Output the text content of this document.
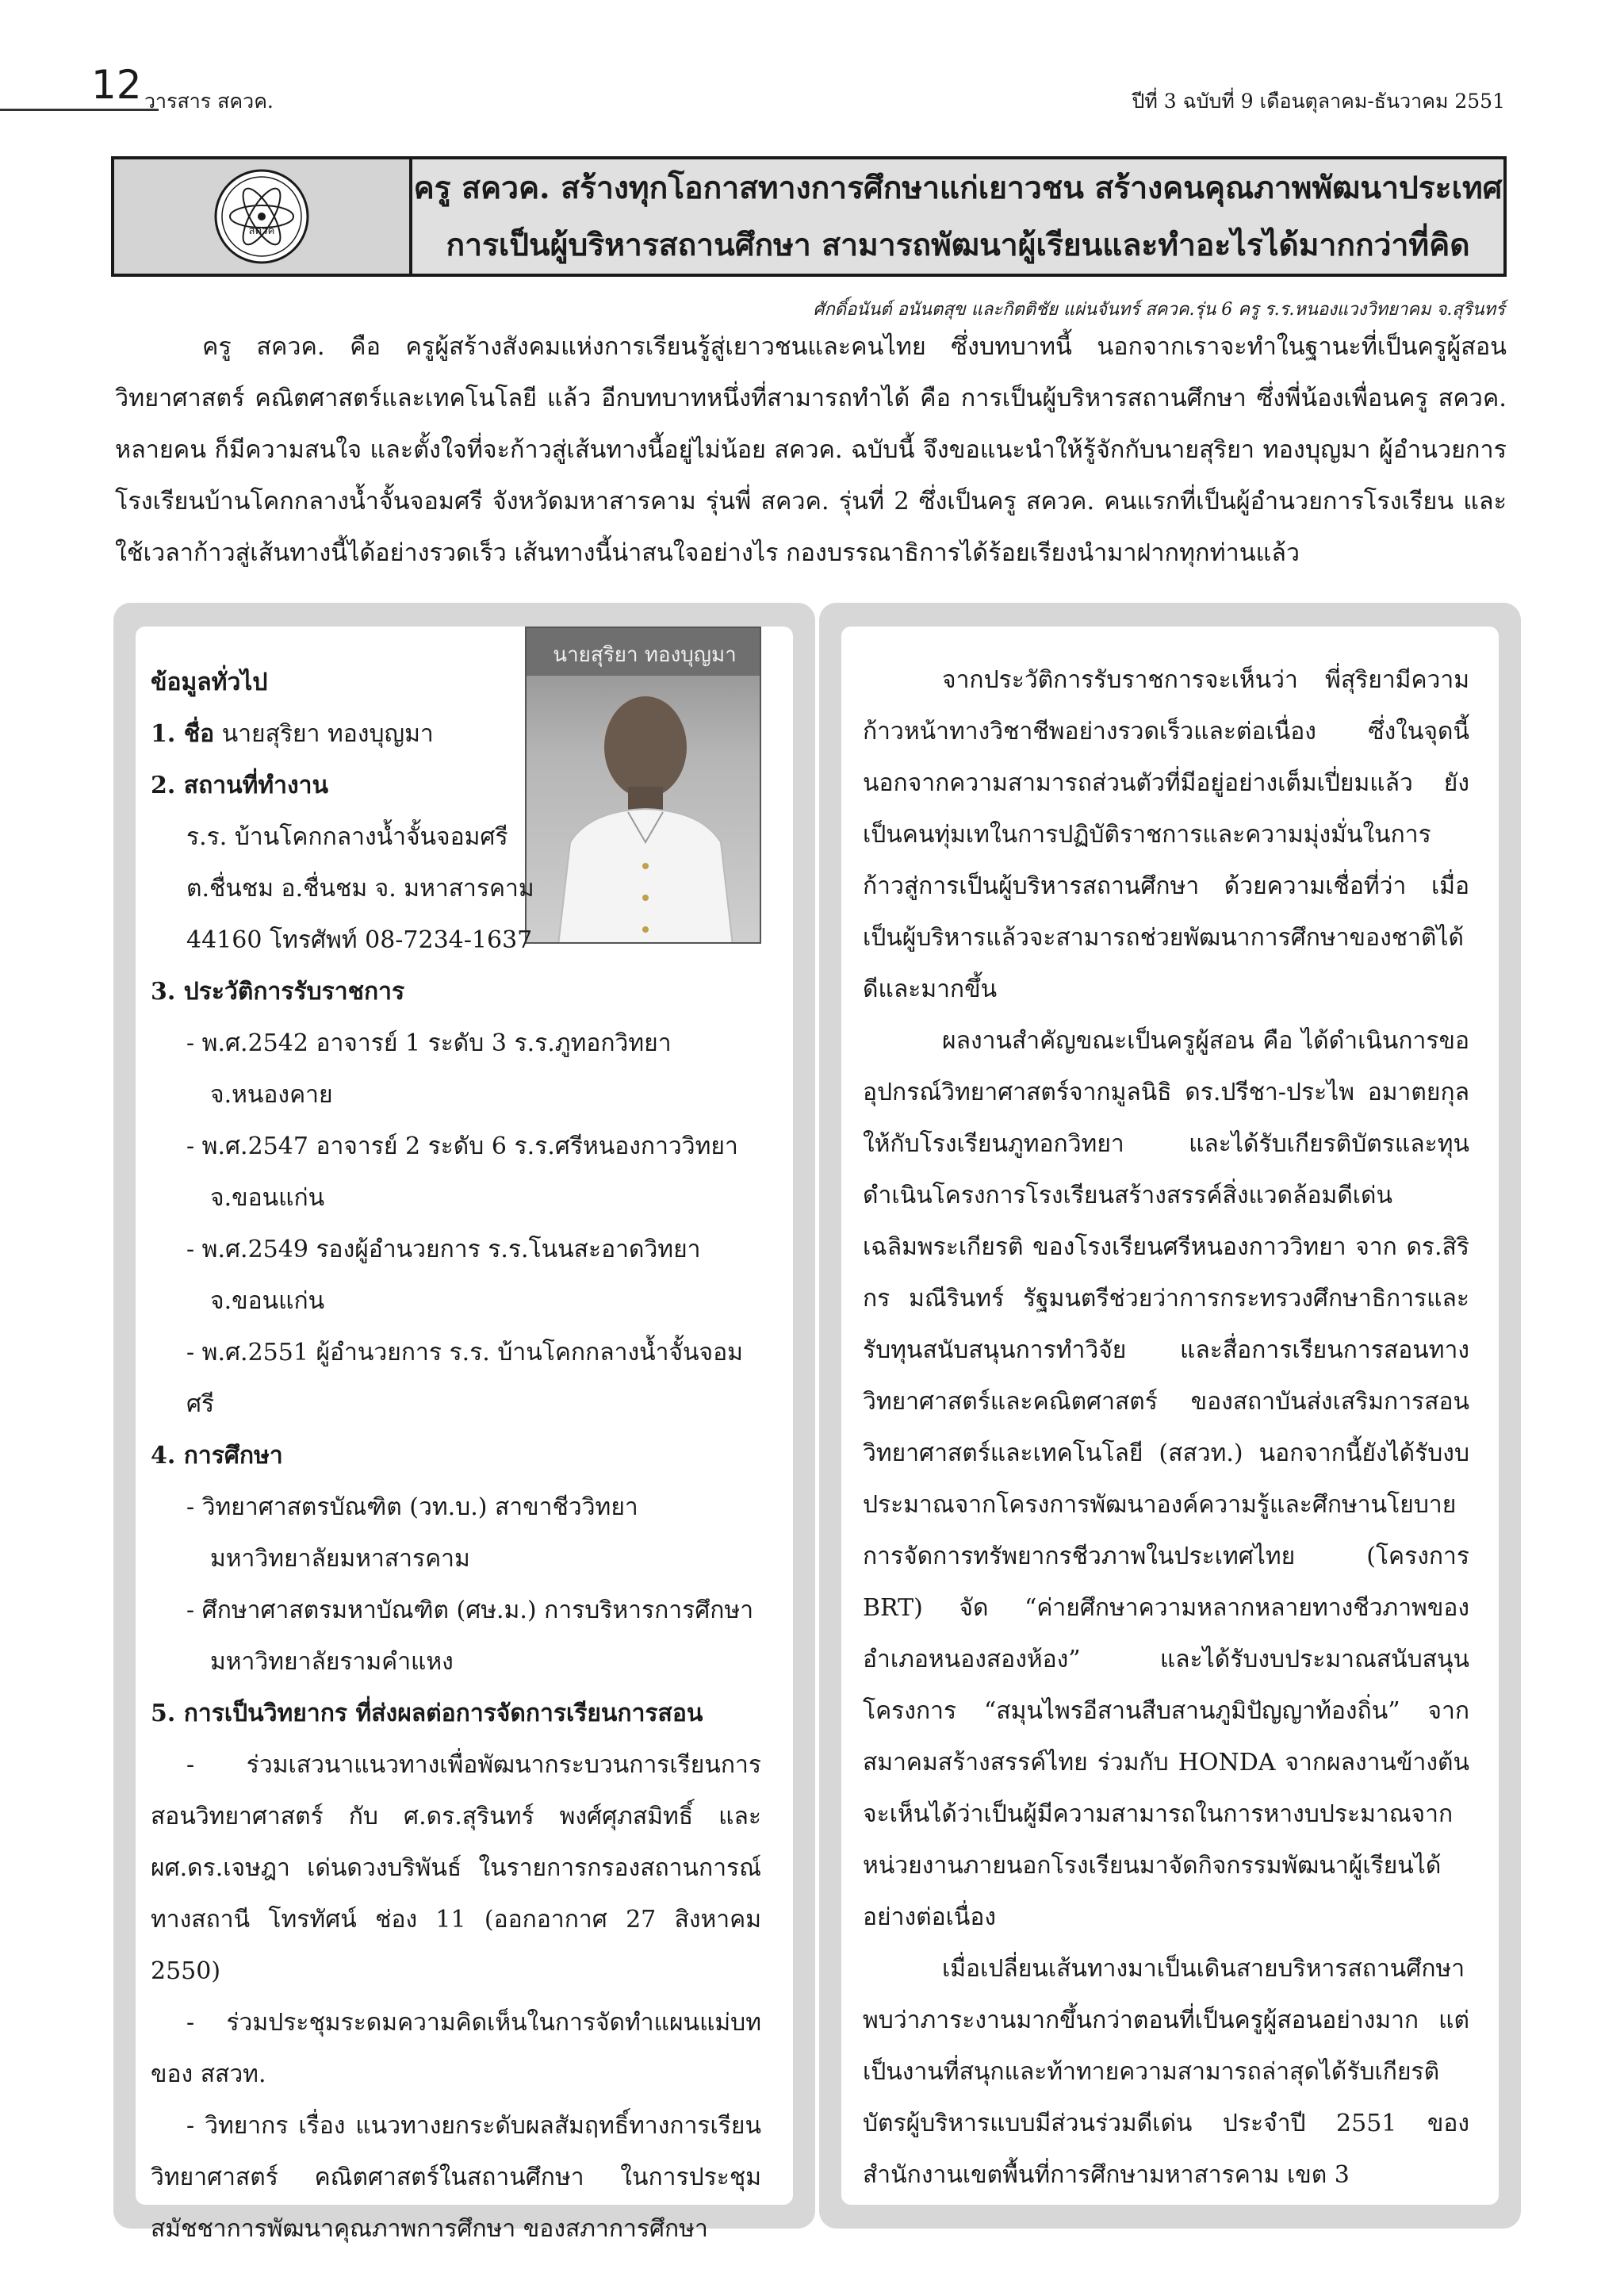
12 วารสาร สควค.	ปีที่ 3 ฉบับที่ 9 เดือนตุลาคม-ธันวาคม 2551
สควค
ครู สควค. สร้างทุกโอกาสทางการศึกษาแก่เยาวชน สร้างคนคุณภาพพัฒนาประเทศ
การเป็นผู้บริหารสถานศึกษา สามารถพัฒนาผู้เรียนและทำอะไรได้มากกว่าที่คิด
ศักดิ์อนันต์ อนันตสุข และกิตติชัย แผ่นจันทร์ สควค.รุ่น 6 ครู ร.ร.หนองแวงวิทยาคม จ.สุรินทร์

ครู สควค. คือ ครูผู้สร้างสังคมแห่งการเรียนรู้สู่เยาวชนและคนไทย ซึ่งบทบาทนี้ นอกจากเราจะทำในฐานะที่เป็นครูผู้สอนวิทยาศาสตร์ คณิตศาสตร์และเทคโนโลยี แล้ว อีกบทบาทหนึ่งที่สามารถทำได้ คือ การเป็นผู้บริหารสถานศึกษา ซึ่งพี่น้องเพื่อนครู สควค. หลายคน ก็มีความสนใจ และตั้งใจที่จะก้าวสู่เส้นทางนี้อยู่ไม่น้อย สควค. ฉบับนี้ จึงขอแนะนำให้รู้จักกับนายสุริยา ทองบุญมา ผู้อำนวยการโรงเรียนบ้านโคกกลางน้ำจั้นจอมศรี จังหวัดมหาสารคาม รุ่นพี่ สควค. รุ่นที่ 2 ซึ่งเป็นครู สควค. คนแรกที่เป็นผู้อำนวยการโรงเรียน และใช้เวลาก้าวสู่เส้นทางนี้ได้อย่างรวดเร็ว เส้นทางนี้น่าสนใจอย่างไร กองบรรณาธิการได้ร้อยเรียงนำมาฝากทุกท่านแล้ว

นายสุริยา ทองบุญมา
ข้อมูลทั่วไป
1. ชื่อ นายสุริยา ทองบุญมา
2. สถานที่ทำงาน
ร.ร. บ้านโคกกลางน้ำจั้นจอมศรี
ต.ชื่นชม อ.ชื่นชม จ. มหาสารคาม
44160 โทรศัพท์ 08-7234-1637
3. ประวัติการรับราชการ
- พ.ศ.2542 อาจารย์ 1 ระดับ 3 ร.ร.ภูทอกวิทยา
จ.หนองคาย
- พ.ศ.2547 อาจารย์ 2 ระดับ 6 ร.ร.ศรีหนองกาววิทยา
จ.ขอนแก่น
- พ.ศ.2549 รองผู้อำนวยการ ร.ร.โนนสะอาดวิทยา
จ.ขอนแก่น
- พ.ศ.2551 ผู้อำนวยการ ร.ร. บ้านโคกกลางน้ำจั้นจอมศรี
4. การศึกษา
- วิทยาศาสตรบัณฑิต (วท.บ.) สาขาชีววิทยา
มหาวิทยาลัยมหาสารคาม
- ศึกษาศาสตรมหาบัณฑิต (ศษ.ม.) การบริหารการศึกษา
มหาวิทยาลัยรามคำแหง
5. การเป็นวิทยากร ที่ส่งผลต่อการจัดการเรียนการสอน
- ร่วมเสวนาแนวทางเพื่อพัฒนากระบวนการเรียนการสอนวิทยาศาสตร์ กับ ศ.ดร.สุรินทร์ พงศ์ศุภสมิทธิ์ และ ผศ.ดร.เจษฎา เด่นดวงบริพันธ์ ในรายการกรองสถานการณ์ ทางสถานี โทรทัศน์ ช่อง 11 (ออกอากาศ 27 สิงหาคม 2550)
- ร่วมประชุมระดมความคิดเห็นในการจัดทำแผนแม่บทของ สสวท.
- วิทยากร เรื่อง แนวทางยกระดับผลสัมฤทธิ์ทางการเรียนวิทยาศาสตร์ คณิตศาสตร์ในสถานศึกษา ในการประชุมสมัชชาการพัฒนาคุณภาพการศึกษา ของสภาการศึกษา

จากประวัติการรับราชการจะเห็นว่า พี่สุริยามีความก้าวหน้าทางวิชาชีพอย่างรวดเร็วและต่อเนื่อง ซึ่งในจุดนี้ นอกจากความสามารถส่วนตัวที่มีอยู่อย่างเต็มเปี่ยมแล้ว ยังเป็นคนทุ่มเทในการปฏิบัติราชการและความมุ่งมั่นในการก้าวสู่การเป็นผู้บริหารสถานศึกษา ด้วยความเชื่อที่ว่า เมื่อเป็นผู้บริหารแล้วจะสามารถช่วยพัฒนาการศึกษาของชาติได้ดีและมากขึ้น

ผลงานสำคัญขณะเป็นครูผู้สอน คือ ได้ดำเนินการขออุปกรณ์วิทยาศาสตร์จากมูลนิธิ ดร.ปรีชา-ประไพ อมาตยกุล ให้กับโรงเรียนภูทอกวิทยา และได้รับเกียรติบัตรและทุนดำเนินโครงการโรงเรียนสร้างสรรค์สิ่งแวดล้อมดีเด่นเฉลิมพระเกียรติ ของโรงเรียนศรีหนองกาววิทยา จาก ดร.สิริกร มณีรินทร์ รัฐมนตรีช่วยว่าการกระทรวงศึกษาธิการและรับทุนสนับสนุนการทำวิจัย และสื่อการเรียนการสอนทางวิทยาศาสตร์และคณิตศาสตร์ ของสถาบันส่งเสริมการสอนวิทยาศาสตร์และเทคโนโลยี (สสวท.) นอกจากนี้ยังได้รับงบประมาณจากโครงการพัฒนาองค์ความรู้และศึกษานโยบายการจัดการทรัพยากรชีวภาพในประเทศไทย (โครงการ BRT) จัด “ค่ายศึกษาความหลากหลายทางชีวภาพของอำเภอหนองสองห้อง” และได้รับงบประมาณสนับสนุนโครงการ “สมุนไพรอีสานสืบสานภูมิปัญญาท้องถิ่น” จาก สมาคมสร้างสรรค์ไทย ร่วมกับ HONDA จากผลงานข้างต้นจะเห็นได้ว่าเป็นผู้มีความสามารถในการหางบประมาณจากหน่วยงานภายนอกโรงเรียนมาจัดกิจกรรมพัฒนาผู้เรียนได้อย่างต่อเนื่อง

เมื่อเปลี่ยนเส้นทางมาเป็นเดินสายบริหารสถานศึกษา พบว่าภาระงานมากขึ้นกว่าตอนที่เป็นครูผู้สอนอย่างมาก แต่เป็นงานที่สนุกและท้าทายความสามารถล่าสุดได้รับเกียรติบัตรผู้บริหารแบบมีส่วนร่วมดีเด่น ประจำปี 2551 ของสำนักงานเขตพื้นที่การศึกษามหาสารคาม เขต 3
